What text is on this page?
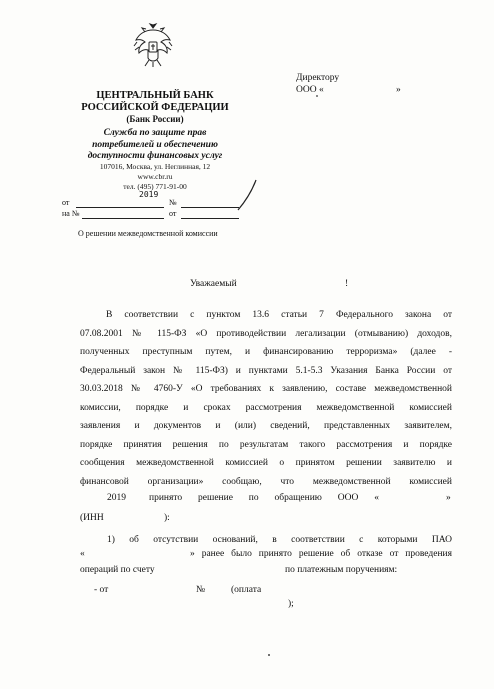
ЦЕНТРАЛЬНЫЙ БАНК
РОССИЙСКОЙ ФЕДЕРАЦИИ
(Банк России)
Служба по защите прав
потребителей и обеспечению
доступности финансовых услуг
107016, Москва, ул. Неглинная, 12
www.cbr.ru
тел. (495) 771-91-00
2019
от	№
на №	от
Директору
ООО «	»
О решении межведомственной комиссии
Уважаемый	!
В соответствии с пунктом 13.6 статьи 7 Федерального закона от
07.08.2001 № 115-ФЗ «О противодействии легализации (отмыванию) доходов,
полученных преступным путем, и финансированию терроризма» (далее -
Федеральный закон № 115-ФЗ) и пунктами 5.1-5.3 Указания Банка России от
30.03.2018 № 4760-У «О требованиях к заявлению, составе межведомственной
комиссии, порядке и сроках рассмотрения межведомственной комиссией
заявления и документов и (или) сведений, представленных заявителем,
порядке принятия решения по результатам такого рассмотрения и порядке
сообщения межведомственной комиссией о принятом решении заявителю и
финансовой организации» сообщаю, что межведомственной комиссией
2019 принято решение по обращению ООО «	»
(ИНН	):
1) об отсутствии оснований, в соответствии с которыми ПАО
«	» ранее было принято решение об отказе от проведения
операций по счету	по платежным поручениям:
- от	№	(оплата
);
